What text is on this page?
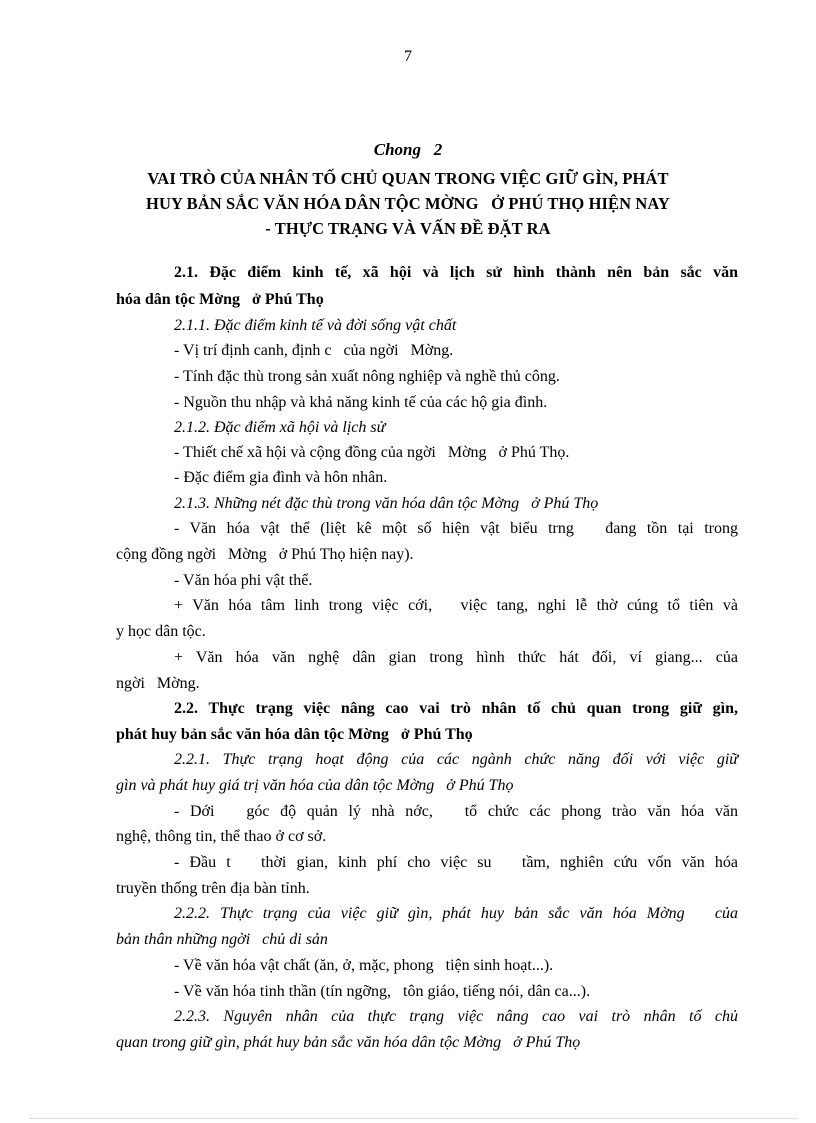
7
Chong   2
VAI TRÒ CỦA NHÂN TỐ CHỦ QUAN TRONG VIỆC GIỮ GÌN, PHÁT
HUY BẢN SẮC VĂN HÓA DÂN TỘC MỜNG   Ở PHÚ THỌ HIỆN NAY
- THỰC TRẠNG VÀ VẤN ĐỀ ĐẶT RA
2.1. Đặc điểm kinh tế, xã hội và lịch sử hình thành nên bản sắc văn
hóa dân tộc Mờng   ở Phú Thọ
2.1.1. Đặc điểm kinh tế và đời sống vật chất
- Vị trí định canh, định c   của ngời   Mờng.
- Tính đặc thù trong sản xuất nông nghiệp và nghề thủ công.
- Nguồn thu nhập và khả năng kinh tế của các hộ gia đình.
2.1.2. Đặc điểm xã hội và lịch sử
- Thiết chế xã hội và cộng đồng của ngời   Mờng   ở Phú Thọ.
- Đặc điểm gia đình và hôn nhân.
2.1.3. Những nét đặc thù trong văn hóa dân tộc Mờng   ở Phú Thọ
- Văn hóa vật thể (liệt kê một số hiện vật biểu trng   đang tồn tại trong
cộng đồng ngời   Mờng   ở Phú Thọ hiện nay).
- Văn hóa phi vật thể.
+ Văn hóa tâm linh trong việc cới,   việc tang, nghi lễ thờ cúng tổ tiên và
y học dân tộc.
+ Văn hóa văn nghệ dân gian trong hình thức hát đối, ví giang... của
ngời   Mờng.
2.2. Thực trạng việc nâng cao vai trò nhân tố chủ quan trong giữ gìn,
phát huy bản sắc văn hóa dân tộc Mờng   ở Phú Thọ
2.2.1. Thực trạng hoạt động của các ngành chức năng đối với việc giữ
gìn và phát huy giá trị văn hóa của dân tộc Mờng   ở Phú Thọ
- Dới   góc độ quản lý nhà nớc,   tổ chức các phong trào văn hóa văn
nghệ, thông tin, thể thao ở cơ sở.
- Đầu t   thời gian, kinh phí cho việc su   tầm, nghiên cứu vốn văn hóa
truyền thống trên địa bàn tỉnh.
2.2.2. Thực trạng của việc giữ gìn, phát huy bản sắc văn hóa Mờng   của
bản thân những ngời   chủ di sản
- Về văn hóa vật chất (ăn, ở, mặc, phong   tiện sinh hoạt...).
- Về văn hóa tinh thần (tín ngỡng,   tôn giáo, tiếng nói, dân ca...).
2.2.3. Nguyên nhân của thực trạng việc nâng cao vai trò nhân tố chủ
quan trong giữ gìn, phát huy bản sắc văn hóa dân tộc Mờng   ở Phú Thọ
